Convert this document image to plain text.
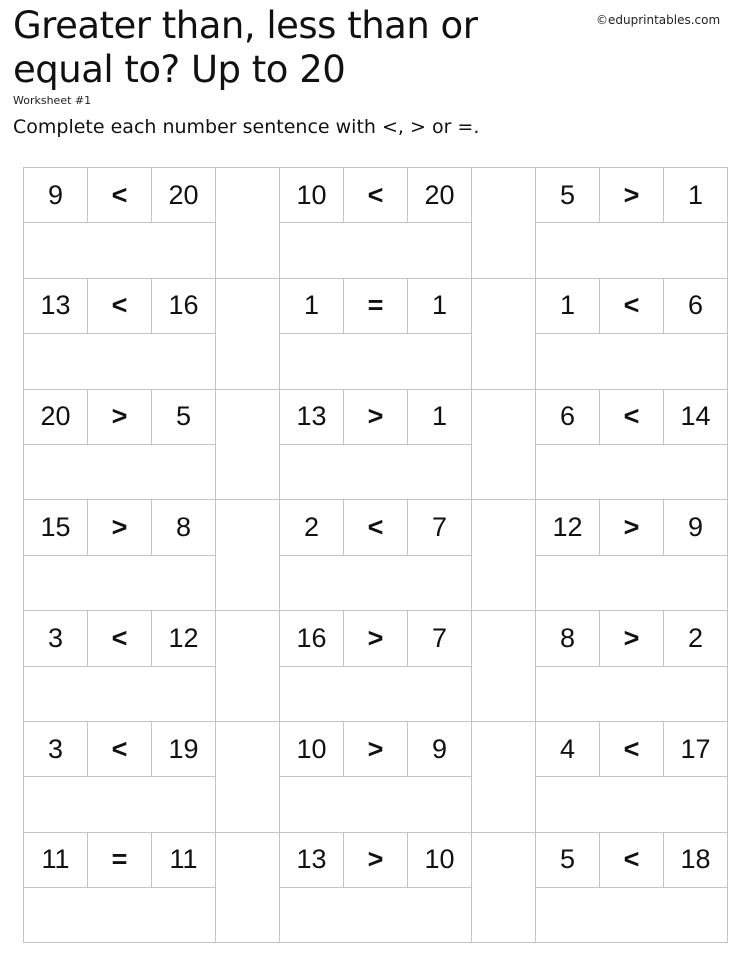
Greater than, less than or equal to? Up to 20
©eduprintables.com
Worksheet #1
Complete each number sentence with <, > or =.
9	<	20		10	<	20		5	>	1

13	<	16		1	=	1		1	<	6

20	>	5		13	>	1		6	<	14

15	>	8		2	<	7		12	>	9

3	<	12		16	>	7		8	>	2

3	<	19		10	>	9		4	<	17

11	=	11		13	>	10		5	<	18
